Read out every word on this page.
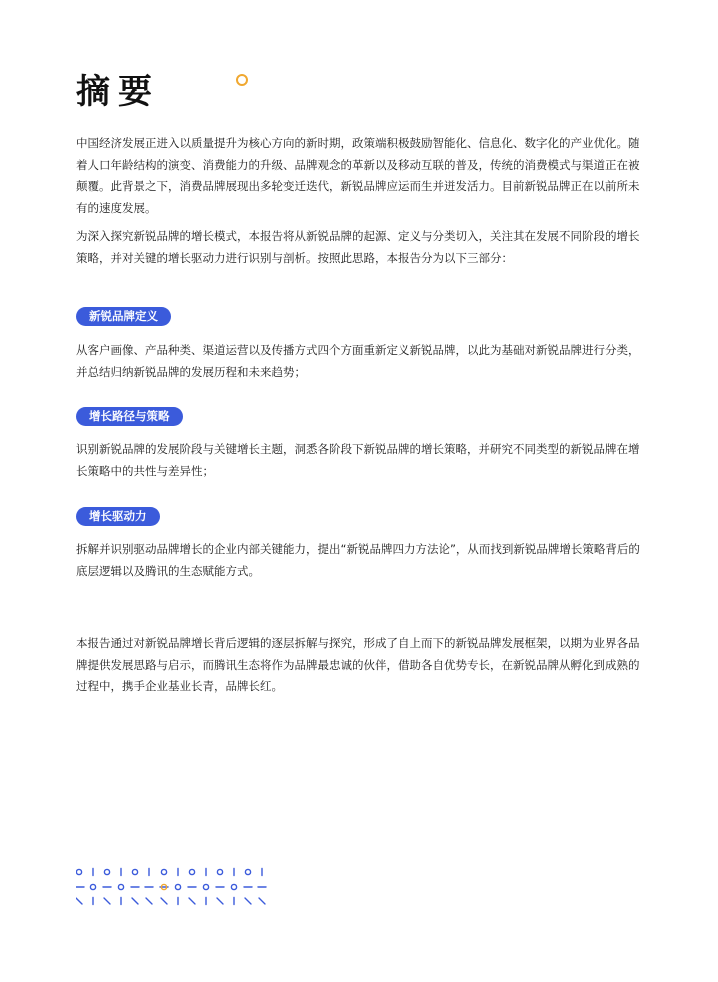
摘要

中国经济发展正进入以质量提升为核心方向的新时期，政策端积极鼓励智能化、信息化、数字化的产业优化。随着人口年龄结构的演变、消费能力的升级、品牌观念的革新以及移动互联的普及，传统的消费模式与渠道正在被颠覆。此背景之下，消费品牌展现出多轮变迁迭代，新锐品牌应运而生并迸发活力。目前新锐品牌正在以前所未有的速度发展。

为深入探究新锐品牌的增长模式，本报告将从新锐品牌的起源、定义与分类切入，关注其在发展不同阶段的增长策略，并对关键的增长驱动力进行识别与剖析。按照此思路，本报告分为以下三部分：

新锐品牌定义

从客户画像、产品种类、渠道运营以及传播方式四个方面重新定义新锐品牌，以此为基础对新锐品牌进行分类，并总结归纳新锐品牌的发展历程和未来趋势；

增长路径与策略

识别新锐品牌的发展阶段与关键增长主题，洞悉各阶段下新锐品牌的增长策略，并研究不同类型的新锐品牌在增长策略中的共性与差异性；

增长驱动力

拆解并识别驱动品牌增长的企业内部关键能力，提出“新锐品牌四力方法论”，从而找到新锐品牌增长策略背后的底层逻辑以及腾讯的生态赋能方式。

本报告通过对新锐品牌增长背后逻辑的逐层拆解与探究，形成了自上而下的新锐品牌发展框架，以期为业界各品牌提供发展思路与启示，而腾讯生态将作为品牌最忠诚的伙伴，借助各自优势专长，在新锐品牌从孵化到成熟的过程中，携手企业基业长青，品牌长红。
